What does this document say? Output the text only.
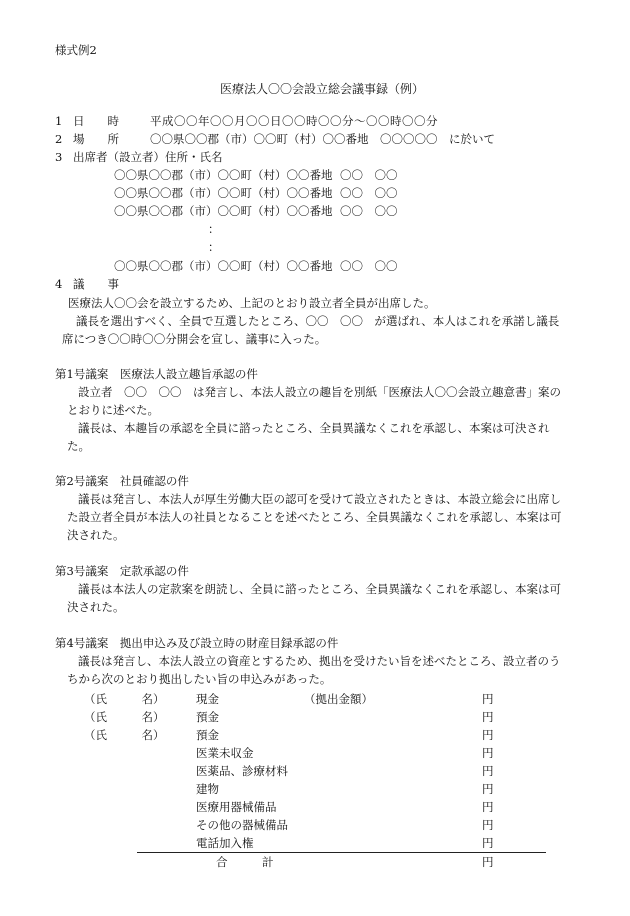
様式例2
医療法人〇〇会設立総会議事録（例）
1 日　　時	平成〇〇年〇〇月〇〇日〇〇時〇〇分～〇〇時〇〇分
2 場　　所	〇〇県〇〇郡（市）〇〇町（村）〇〇番地　〇〇〇〇〇　に於いて
3 出席者（設立者）住所・氏名
〇〇県〇〇郡（市）〇〇町（村）〇〇番地 〇〇　〇〇
〇〇県〇〇郡（市）〇〇町（村）〇〇番地 〇〇　〇〇
〇〇県〇〇郡（市）〇〇町（村）〇〇番地 〇〇　〇〇
：
：
〇〇県〇〇郡（市）〇〇町（村）〇〇番地 〇〇　〇〇
4 議　　事
医療法人〇〇会を設立するため、上記のとおり設立者全員が出席した。
議長を選出すべく、全員で互選したところ、〇〇　〇〇　が選ばれ、本人はこれを承諾し議長
席につき〇〇時〇〇分開会を宣し、議事に入った。
第1号議案　医療法人設立趣旨承認の件
設立者　〇〇　〇〇　は発言し、本法人設立の趣旨を別紙「医療法人〇〇会設立趣意書」案の
とおりに述べた。
議長は、本趣旨の承認を全員に諮ったところ、全員異議なくこれを承認し、本案は可決され
た。
第2号議案　社員確認の件
議長は発言し、本法人が厚生労働大臣の認可を受けて設立されたときは、本設立総会に出席し
た設立者全員が本法人の社員となることを述べたところ、全員異議なくこれを承認し、本案は可
決された。
第3号議案　定款承認の件
議長は本法人の定款案を朗読し、全員に諮ったところ、全員異議なくこれを承認し、本案は可
決された。
第4号議案　拠出申込み及び設立時の財産目録承認の件
議長は発言し、本法人設立の資産とするため、拠出を受けたい旨を述べたところ、設立者のう
ちから次のとおり拠出したい旨の申込みがあった。
（拠出金額）
（氏　　　名）	現金	円
（氏　　　名）	預金	円
（氏　　　名）	預金	円
医業未収金	円
医薬品、診療材料	円
建物	円
医療用器械備品	円
その他の器械備品	円
電話加入権	円
合　　　計	円
